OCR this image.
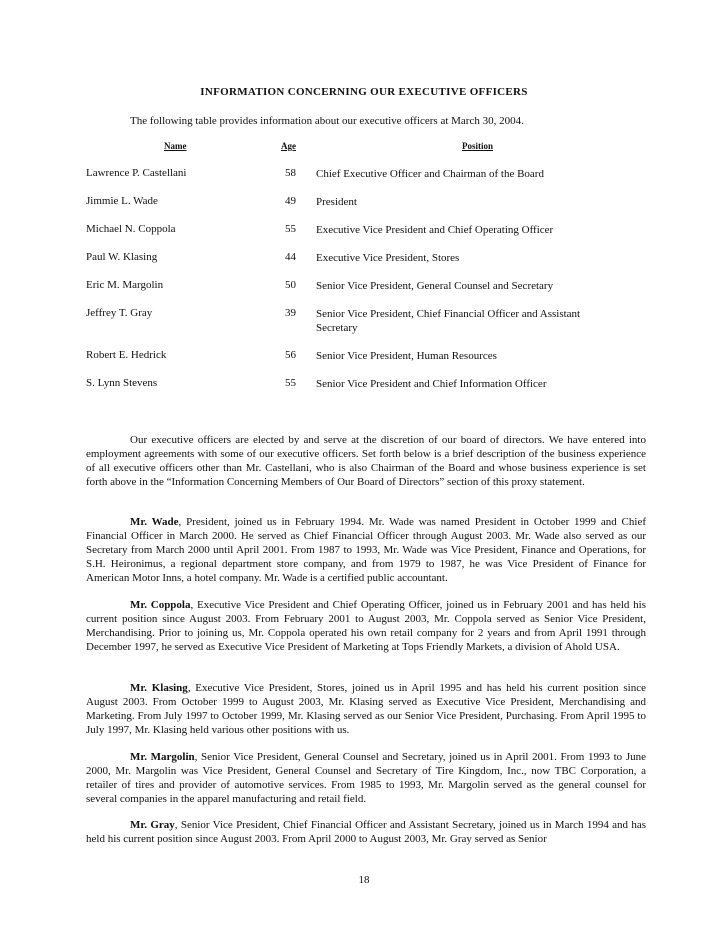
INFORMATION CONCERNING OUR EXECUTIVE OFFICERS
The following table provides information about our executive officers at March 30, 2004.
Name	Age	Position
Lawrence P. Castellani	58 Chief Executive Officer and Chairman of the Board
Jimmie L. Wade	49 President
Michael N. Coppola	55 Executive Vice President and Chief Operating Officer
Paul W. Klasing	44 Executive Vice President, Stores
Eric M. Margolin	50 Senior Vice President, General Counsel and Secretary
Jeffrey T. Gray	39 Senior Vice President, Chief Financial Officer and Assistant Secretary
Robert E. Hedrick	56 Senior Vice President, Human Resources
S. Lynn Stevens	55 Senior Vice President and Chief Information Officer
Our executive officers are elected by and serve at the discretion of our board of directors. We have entered into employment agreements with some of our executive officers. Set forth below is a brief description of the business experience of all executive officers other than Mr. Castellani, who is also Chairman of the Board and whose business experience is set forth above in the “Information Concerning Members of Our Board of Directors” section of this proxy statement.
Mr. Wade, President, joined us in February 1994. Mr. Wade was named President in October 1999 and Chief Financial Officer in March 2000. He served as Chief Financial Officer through August 2003. Mr. Wade also served as our Secretary from March 2000 until April 2001. From 1987 to 1993, Mr. Wade was Vice President, Finance and Operations, for S.H. Heironimus, a regional department store company, and from 1979 to 1987, he was Vice President of Finance for American Motor Inns, a hotel company. Mr. Wade is a certified public accountant.
Mr. Coppola, Executive Vice President and Chief Operating Officer, joined us in February 2001 and has held his current position since August 2003. From February 2001 to August 2003, Mr. Coppola served as Senior Vice President, Merchandising. Prior to joining us, Mr. Coppola operated his own retail company for 2 years and from April 1991 through December 1997, he served as Executive Vice President of Marketing at Tops Friendly Markets, a division of Ahold USA.
Mr. Klasing, Executive Vice President, Stores, joined us in April 1995 and has held his current position since August 2003. From October 1999 to August 2003, Mr. Klasing served as Executive Vice President, Merchandising and Marketing. From July 1997 to October 1999, Mr. Klasing served as our Senior Vice President, Purchasing. From April 1995 to July 1997, Mr. Klasing held various other positions with us.
Mr. Margolin, Senior Vice President, General Counsel and Secretary, joined us in April 2001. From 1993 to June 2000, Mr. Margolin was Vice President, General Counsel and Secretary of Tire Kingdom, Inc., now TBC Corporation, a retailer of tires and provider of automotive services. From 1985 to 1993, Mr. Margolin served as the general counsel for several companies in the apparel manufacturing and retail field.
Mr. Gray, Senior Vice President, Chief Financial Officer and Assistant Secretary, joined us in March 1994 and has held his current position since August 2003. From April 2000 to August 2003, Mr. Gray served as Senior
18
